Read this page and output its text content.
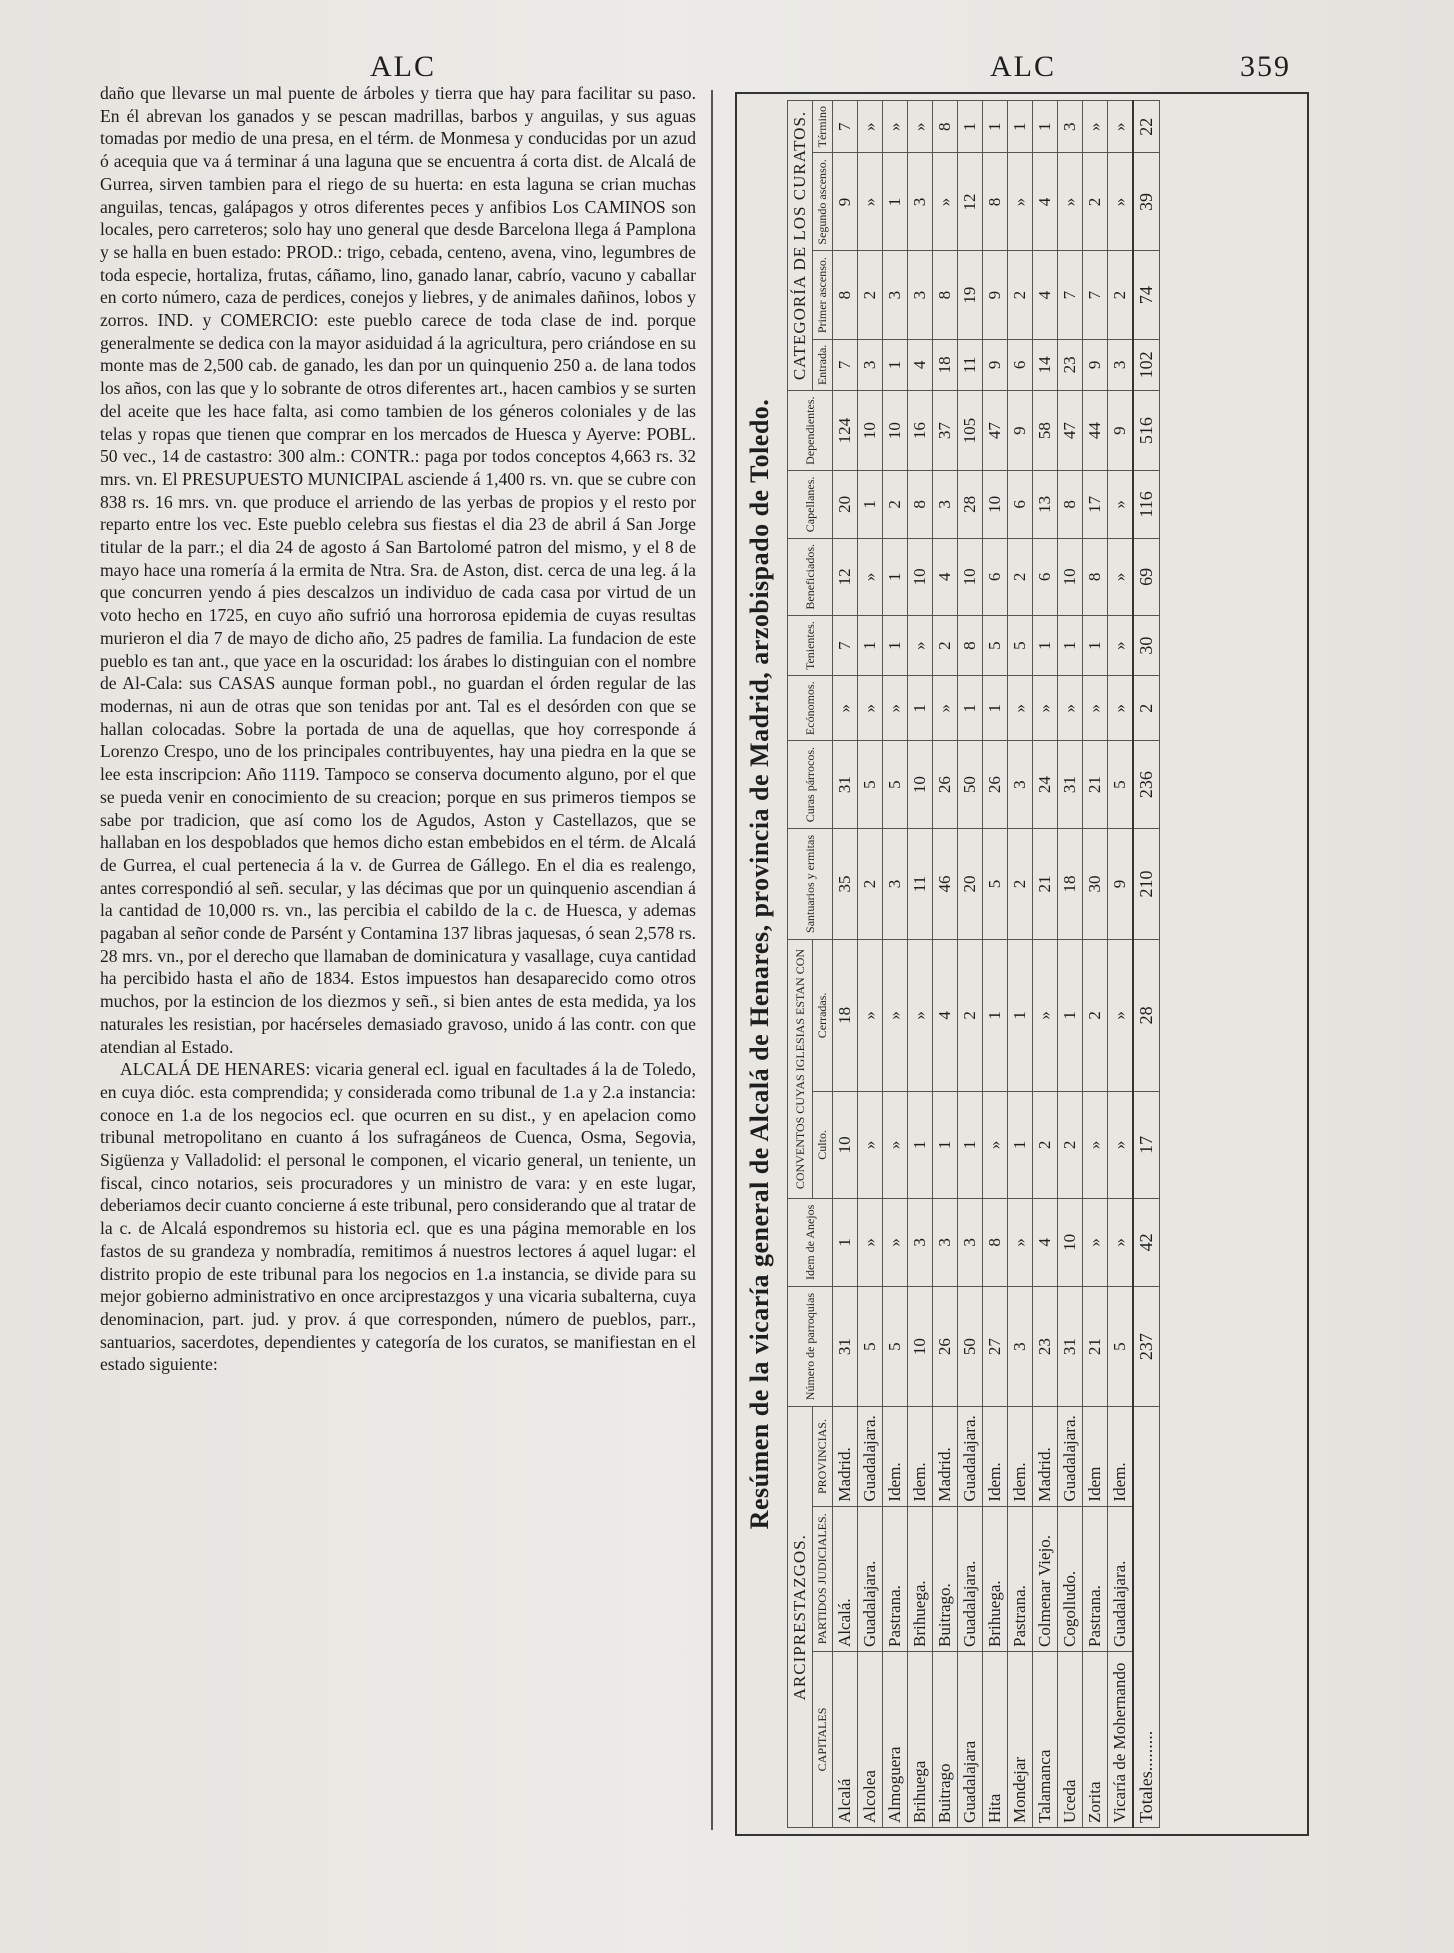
ALC	ALC	359

daño que llevarse un mal puente de árboles y tierra que hay para facilitar su paso. En él abrevan los ganados y se pescan madrillas, barbos y anguilas, y sus aguas tomadas por medio de una presa, en el térm. de Monmesa y conducidas por un azud ó acequia que va á terminar á una laguna que se encuentra á corta dist. de Alcalá de Gurrea, sirven tambien para el riego de su huerta: en esta laguna se crian muchas anguilas, tencas, galápagos y otros diferentes peces y anfibios Los CAMINOS son locales, pero carreteros; solo hay uno general que desde Barcelona llega á Pamplona y se halla en buen estado: PROD.: trigo, cebada, centeno, avena, vino, legumbres de toda especie, hortaliza, frutas, cáñamo, lino, ganado lanar, cabrío, vacuno y caballar en corto número, caza de perdices, conejos y liebres, y de animales dañinos, lobos y zorros. IND. y COMERCIO: este pueblo carece de toda clase de ind. porque generalmente se dedica con la mayor asiduidad á la agricultura, pero criándose en su monte mas de 2,500 cab. de ganado, les dan por un quinquenio 250 a. de lana todos los años, con las que y lo sobrante de otros diferentes art., hacen cambios y se surten del aceite que les hace falta, asi como tambien de los géneros coloniales y de las telas y ropas que tienen que comprar en los mercados de Huesca y Ayerve: POBL. 50 vec., 14 de castastro: 300 alm.: CONTR.: paga por todos conceptos 4,663 rs. 32 mrs. vn. El PRESUPUESTO MUNICIPAL asciende á 1,400 rs. vn. que se cubre con 838 rs. 16 mrs. vn. que produce el arriendo de las yerbas de propios y el resto por reparto entre los vec. Este pueblo celebra sus fiestas el dia 23 de abril á San Jorge titular de la parr.; el dia 24 de agosto á San Bartolomé patron del mismo, y el 8 de mayo hace una romería á la ermita de Ntra. Sra. de Aston, dist. cerca de una leg. á la que concurren yendo á pies descalzos un individuo de cada casa por virtud de un voto hecho en 1725, en cuyo año sufrió una horrorosa epidemia de cuyas resultas murieron el dia 7 de mayo de dicho año, 25 padres de familia. La fundacion de este pueblo es tan ant., que yace en la oscuridad: los árabes lo distinguian con el nombre de Al-Cala: sus CASAS aunque forman pobl., no guardan el órden regular de las modernas, ni aun de otras que son tenidas por ant. Tal es el desórden con que se hallan colocadas. Sobre la portada de una de aquellas, que hoy corresponde á Lorenzo Crespo, uno de los principales contribuyentes, hay una piedra en la que se lee esta inscripcion: Año 1119. Tampoco se conserva documento alguno, por el que se pueda venir en conocimiento de su creacion; porque en sus primeros tiempos se sabe por tradicion, que así como los de Agudos, Aston y Castellazos, que se hallaban en los despoblados que hemos dicho estan embebidos en el térm. de Alcalá de Gurrea, el cual pertenecia á la v. de Gurrea de Gállego. En el dia es realengo, antes correspondió al señ. secular, y las décimas que por un quinquenio ascendian á la cantidad de 10,000 rs. vn., las percibia el cabildo de la c. de Huesca, y ademas pagaban al señor conde de Parsént y Contamina 137 libras jaquesas, ó sean 2,578 rs. 28 mrs. vn., por el derecho que llamaban de dominicatura y vasallage, cuya cantidad ha percibido hasta el año de 1834. Estos impuestos han desaparecido como otros muchos, por la estincion de los diezmos y señ., si bien antes de esta medida, ya los naturales les resistian, por hacérseles demasiado gravoso, unido á las contr. con que atendian al Estado.

ALCALÁ DE HENARES: vicaria general ecl. igual en facultades á la de Toledo, en cuya dióc. esta comprendida; y considerada como tribunal de 1.a y 2.a instancia: conoce en 1.a de los negocios ecl. que ocurren en su dist., y en apelacion como tribunal metropolitano en cuanto á los sufragáneos de Cuenca, Osma, Segovia, Sigüenza y Valladolid: el personal le componen, el vicario general, un teniente, un fiscal, cinco notarios, seis procuradores y un ministro de vara: y en este lugar, deberiamos decir cuanto concierne á este tribunal, pero considerando que al tratar de la c. de Alcalá espondremos su historia ecl. que es una página memorable en los fastos de su grandeza y nombradía, remitimos á nuestros lectores á aquel lugar: el distrito propio de este tribunal para los negocios en 1.a instancia, se divide para su mejor gobierno administrativo en once arciprestazgos y una vicaria subalterna, cuya denominacion, part. jud. y prov. á que corresponden, número de pueblos, parr., santuarios, sacerdotes, dependientes y categoría de los curatos, se manifiestan en el estado siguiente:	Resúmen de la vicaría general de Alcalá de Henares, provincia de Madrid, arzobispado de Toledo.
ARCIPRESTAZGOS.			Número de parroquias	Idem de Anejos	CONVENTOS CUYAS IGLESIAS ESTAN CON		Santuarios y ermitas	Curas párrocos.	Ecónomos.	Tenientes.	Beneficiados.	Capellanes.	Dependientes.	CATEGORÍA DE LOS CURATOS.			
CAPITALES	PARTIDOS JUDICIALES.	PROVINCIAS.			Culto.	Cerradas.								Entrada.	Primer ascenso.	Segundo ascenso.	Término
Alcalá	Alcalá.	Madrid.	31	1	10	18	35	31	»	7	12	20	124	7	8	9	7
Alcolea	Guadalajara.	Guadalajara.	5	»	»	»	2	5	»	1	»	1	10	3	2	»	»
Almoguera	Pastrana.	Idem.	5	»	»	»	3	5	»	1	1	2	10	1	3	1	»
Brihuega	Brihuega.	Idem.	10	3	1	»	11	10	1	»	10	8	16	4	3	3	»
Buitrago	Buitrago.	Madrid.	26	3	1	4	46	26	»	2	4	3	37	18	8	»	8
Guadalajara	Guadalajara.	Guadalajara.	50	3	1	2	20	50	1	8	10	28	105	11	19	12	1
Hita	Brihuega.	Idem.	27	8	»	1	5	26	1	5	6	10	47	9	9	8	1
Mondejar	Pastrana.	Idem.	3	»	1	1	2	3	»	5	2	6	9	6	2	»	1
Talamanca	Colmenar Viejo.	Madrid.	23	4	2	»	21	24	»	1	6	13	58	14	4	4	1
Uceda	Cogolludo.	Guadalajara.	31	10	2	1	18	31	»	1	10	8	47	23	7	»	3
Zorita	Pastrana.	Idem	21	»	»	2	30	21	»	1	8	17	44	9	7	2	»
Vicaría de Mohernando	Guadalajara.	Idem.	5	»	»	»	9	5	»	»	»	»	9	3	2	»	»
Totales.........			237	42	17	28	210	236	2	30	69	116	516	102	74	39	22
